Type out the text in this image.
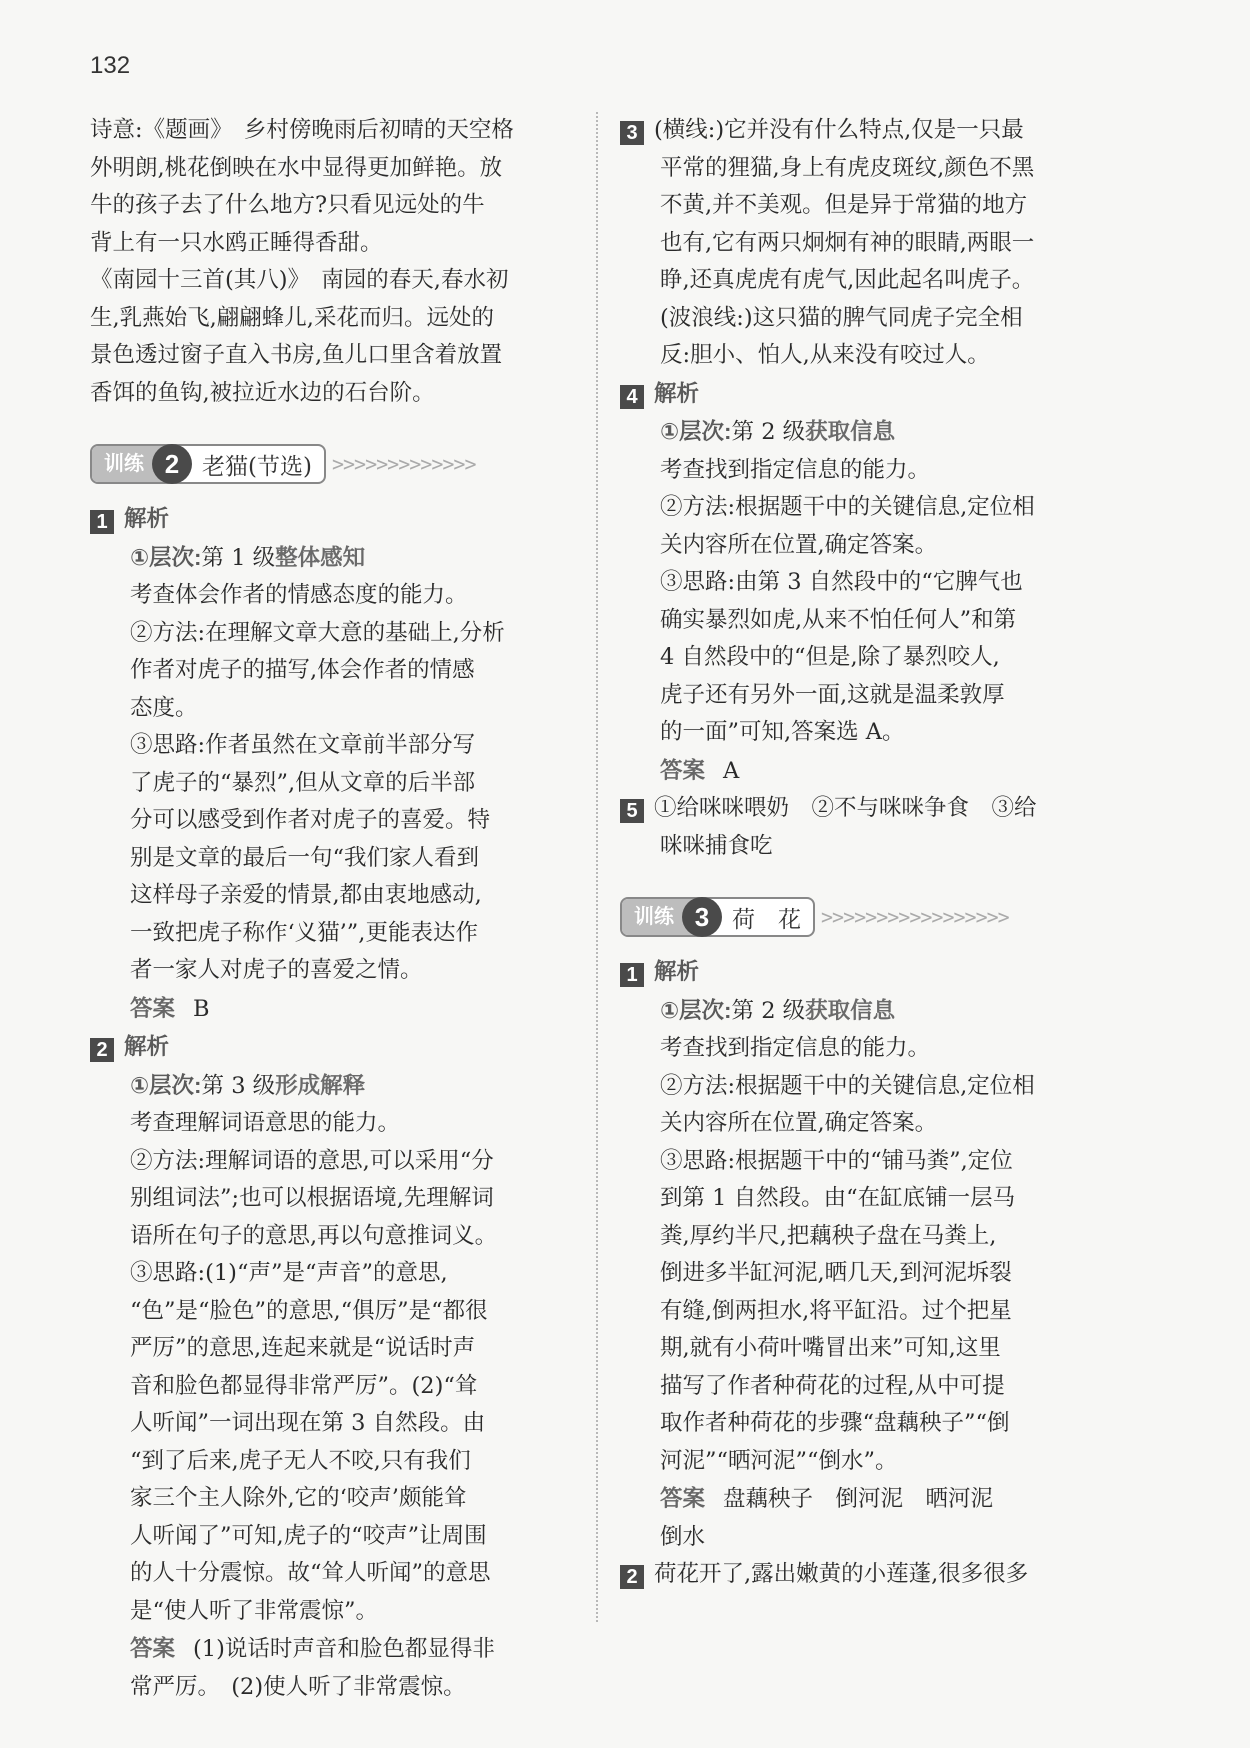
132

诗意:《题画》　乡村傍晚雨后初晴的天空格

外明朗,桃花倒映在水中显得更加鲜艳。放

牛的孩子去了什么地方?只看见远处的牛

背上有一只水鸥正睡得香甜。

《南园十三首(其八)》　南园的春天,春水初

生,乳燕始飞,翩翩蜂儿,采花而归。远处的

景色透过窗子直入书房,鱼儿口里含着放置

香饵的鱼钩,被拉近水边的石台阶。

训练 2 老猫(节选) >>>>>>>>>>>>>

1 解析

①层次:第 1 级整体感知

考查体会作者的情感态度的能力。

②方法:在理解文章大意的基础上,分析

作者对虎子的描写,体会作者的情感

态度。

③思路:作者虽然在文章前半部分写

了虎子的“暴烈”,但从文章的后半部

分可以感受到作者对虎子的喜爱。特

别是文章的最后一句“我们家人看到

这样母子亲爱的情景,都由衷地感动,

一致把虎子称作‘义猫’”,更能表达作

者一家人对虎子的喜爱之情。

答案 B

2 解析

①层次:第 3 级形成解释

考查理解词语意思的能力。

②方法:理解词语的意思,可以采用“分

别组词法”;也可以根据语境,先理解词

语所在句子的意思,再以句意推词义。

③思路:(1)“声”是“声音”的意思,

“色”是“脸色”的意思,“俱厉”是“都很

严厉”的意思,连起来就是“说话时声

音和脸色都显得非常严厉”。(2)“耸

人听闻”一词出现在第 3 自然段。由

“到了后来,虎子无人不咬,只有我们

家三个主人除外,它的‘咬声’颇能耸

人听闻了”可知,虎子的“咬声”让周围

的人十分震惊。故“耸人听闻”的意思

是“使人听了非常震惊”。

答案 (1)说话时声音和脸色都显得非

常严厉。　(2)使人听了非常震惊。

3 (横线:)它并没有什么特点,仅是一只最

平常的狸猫,身上有虎皮斑纹,颜色不黑

不黄,并不美观。但是异于常猫的地方

也有,它有两只炯炯有神的眼睛,两眼一

睁,还真虎虎有虎气,因此起名叫虎子。

(波浪线:)这只猫的脾气同虎子完全相

反:胆小、怕人,从来没有咬过人。

4 解析

①层次:第 2 级获取信息

考查找到指定信息的能力。

②方法:根据题干中的关键信息,定位相

关内容所在位置,确定答案。

③思路:由第 3 自然段中的“它脾气也

确实暴烈如虎,从来不怕任何人”和第

4 自然段中的“但是,除了暴烈咬人,

虎子还有另外一面,这就是温柔敦厚

的一面”可知,答案选 A。

答案 A

5 ①给咪咪喂奶　②不与咪咪争食　③给

咪咪捕食吃

训练 3 荷　花 >>>>>>>>>>>>>>>>>

1 解析

①层次:第 2 级获取信息

考查找到指定信息的能力。

②方法:根据题干中的关键信息,定位相

关内容所在位置,确定答案。

③思路:根据题干中的“铺马粪”,定位

到第 1 自然段。由“在缸底铺一层马

粪,厚约半尺,把藕秧子盘在马粪上,

倒进多半缸河泥,晒几天,到河泥坼裂

有缝,倒两担水,将平缸沿。过个把星

期,就有小荷叶嘴冒出来”可知,这里

描写了作者种荷花的过程,从中可提

取作者种荷花的步骤“盘藕秧子”“倒

河泥”“晒河泥”“倒水”。

答案 盘藕秧子　倒河泥　晒河泥

倒水

2 荷花开了,露出嫩黄的小莲蓬,很多很多
